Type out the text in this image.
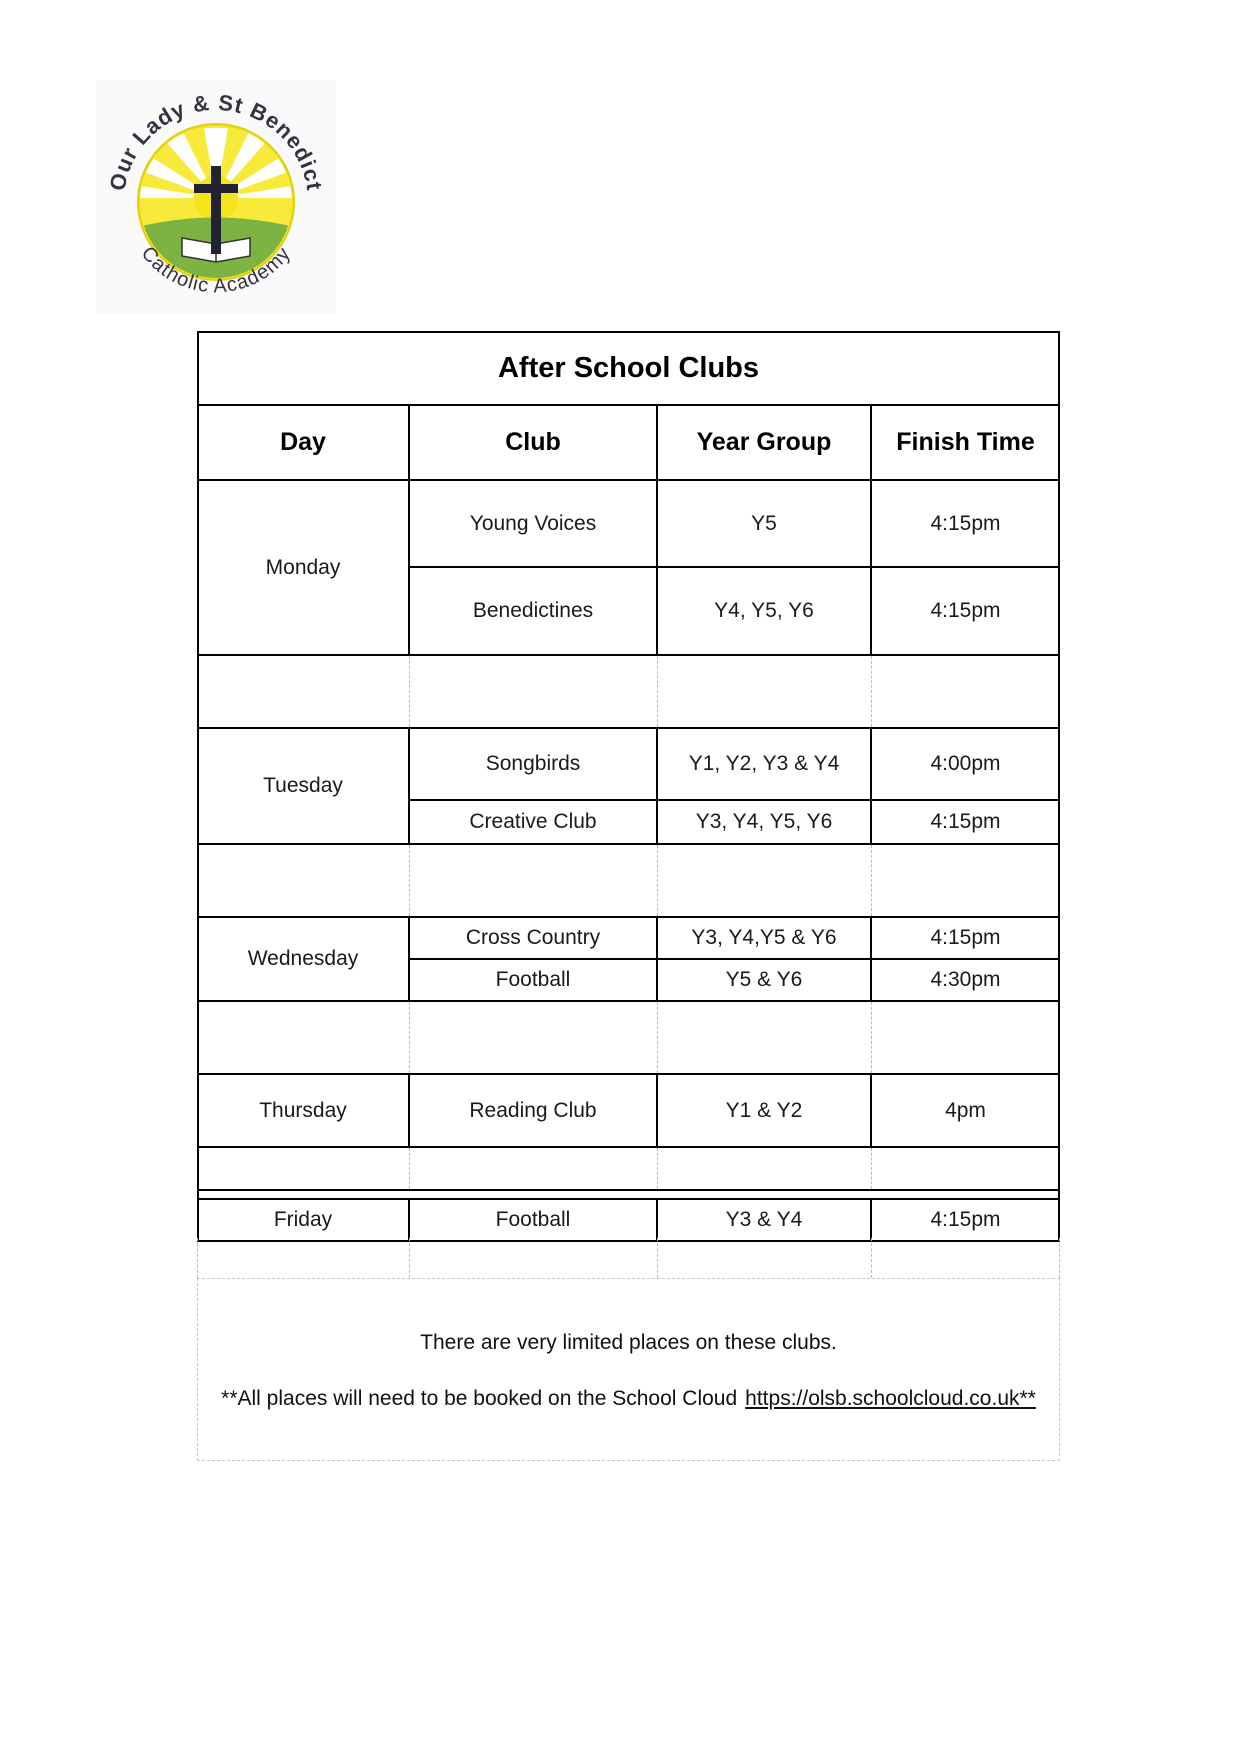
Our Lady & St Benedict
Catholic Academy
After School Clubs
Day	Club	Year Group	Finish Time
Monday
Young Voices	Y5	4:15pm
Benedictines	Y4, Y5, Y6	4:15pm
Tuesday
Songbirds	Y1, Y2, Y3 & Y4	4:00pm
Creative Club	Y3, Y4, Y5, Y6	4:15pm
Wednesday
Cross Country	Y3, Y4,Y5 & Y6	4:15pm
Football	Y5 & Y6	4:30pm
Thursday	Reading Club	Y1 & Y2	4pm
Friday	Football	Y3 & Y4	4:15pm
There are very limited places on these clubs.
**All places will need to be booked on the School Cloud https://olsb.schoolcloud.co.uk**
